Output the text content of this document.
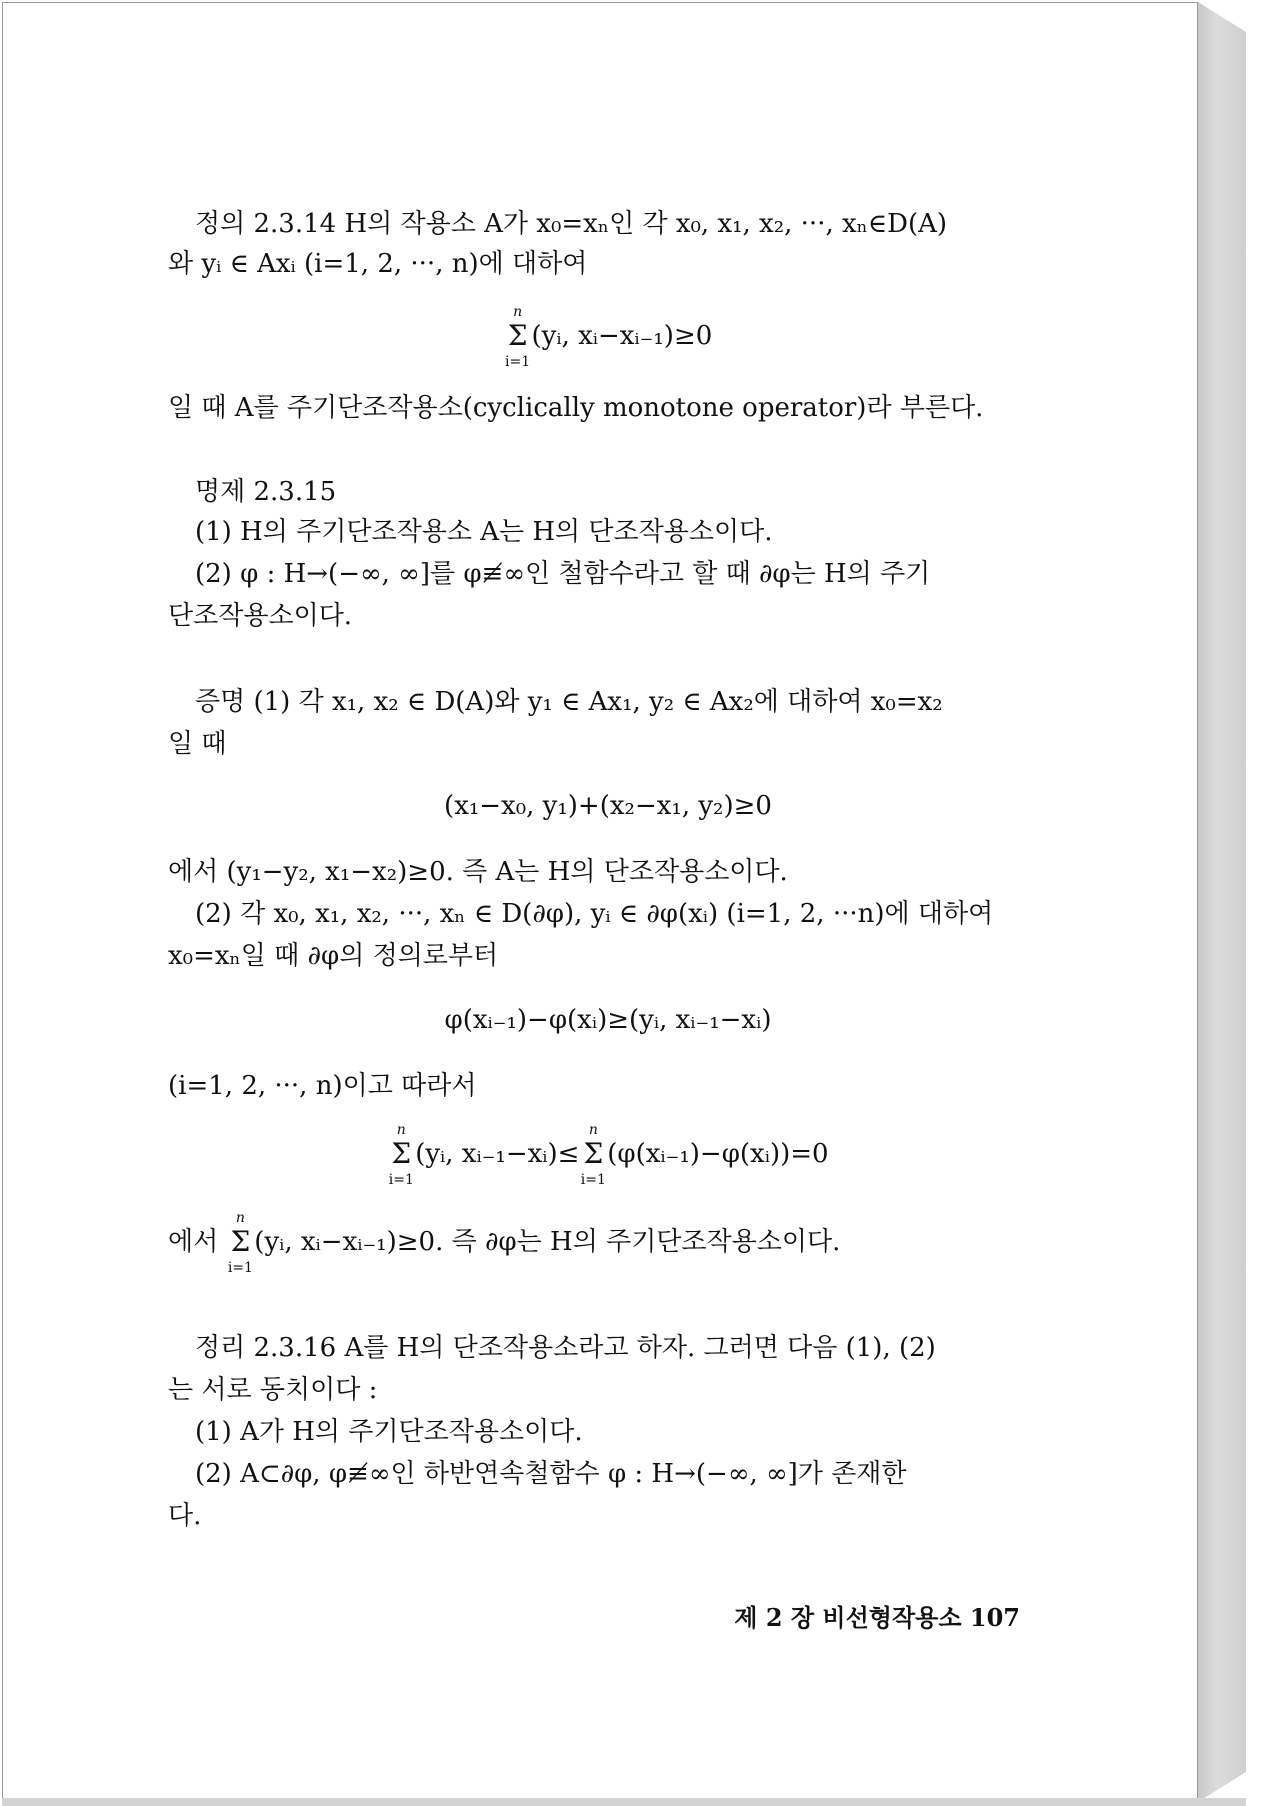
정의 2.3.14 H의 작용소 A가 x₀=xₙ인 각 x₀, x₁, x₂, ···, xₙ∈D(A)
와 yᵢ ∈ Axᵢ (i=1, 2, ···, n)에 대하여
n
Σ
i=1
(yᵢ, xᵢ−xᵢ₋₁)≥0
일 때 A를 주기단조작용소(cyclically monotone operator)라 부른다.
명제 2.3.15
(1) H의 주기단조작용소 A는 H의 단조작용소이다.
(2) φ : H→(−∞, ∞]를 φ≢∞인 철함수라고 할 때 ∂φ는 H의 주기
단조작용소이다.
증명 (1) 각 x₁, x₂ ∈ D(A)와 y₁ ∈ Ax₁, y₂ ∈ Ax₂에 대하여 x₀=x₂
일 때
(x₁−x₀, y₁)+(x₂−x₁, y₂)≥0
에서 (y₁−y₂, x₁−x₂)≥0. 즉 A는 H의 단조작용소이다.
(2) 각 x₀, x₁, x₂, ···, xₙ ∈ D(∂φ), yᵢ ∈ ∂φ(xᵢ) (i=1, 2, ···n)에 대하여
x₀=xₙ일 때 ∂φ의 정의로부터
φ(xᵢ₋₁)−φ(xᵢ)≥(yᵢ, xᵢ₋₁−xᵢ)
(i=1, 2, ···, n)이고 따라서
n
Σ
i=1
(yᵢ, xᵢ₋₁−xᵢ)≤
n
Σ
i=1
(φ(xᵢ₋₁)−φ(xᵢ))=0
에서
n
Σ
i=1
(yᵢ, xᵢ−xᵢ₋₁)≥0. 즉 ∂φ는 H의 주기단조작용소이다.
정리 2.3.16 A를 H의 단조작용소라고 하자. 그러면 다음 (1), (2)
는 서로 동치이다 :
(1) A가 H의 주기단조작용소이다.
(2) A⊂∂φ, φ≢∞인 하반연속철함수 φ : H→(−∞, ∞]가 존재한
다.
제 2 장 비선형작용소 107
